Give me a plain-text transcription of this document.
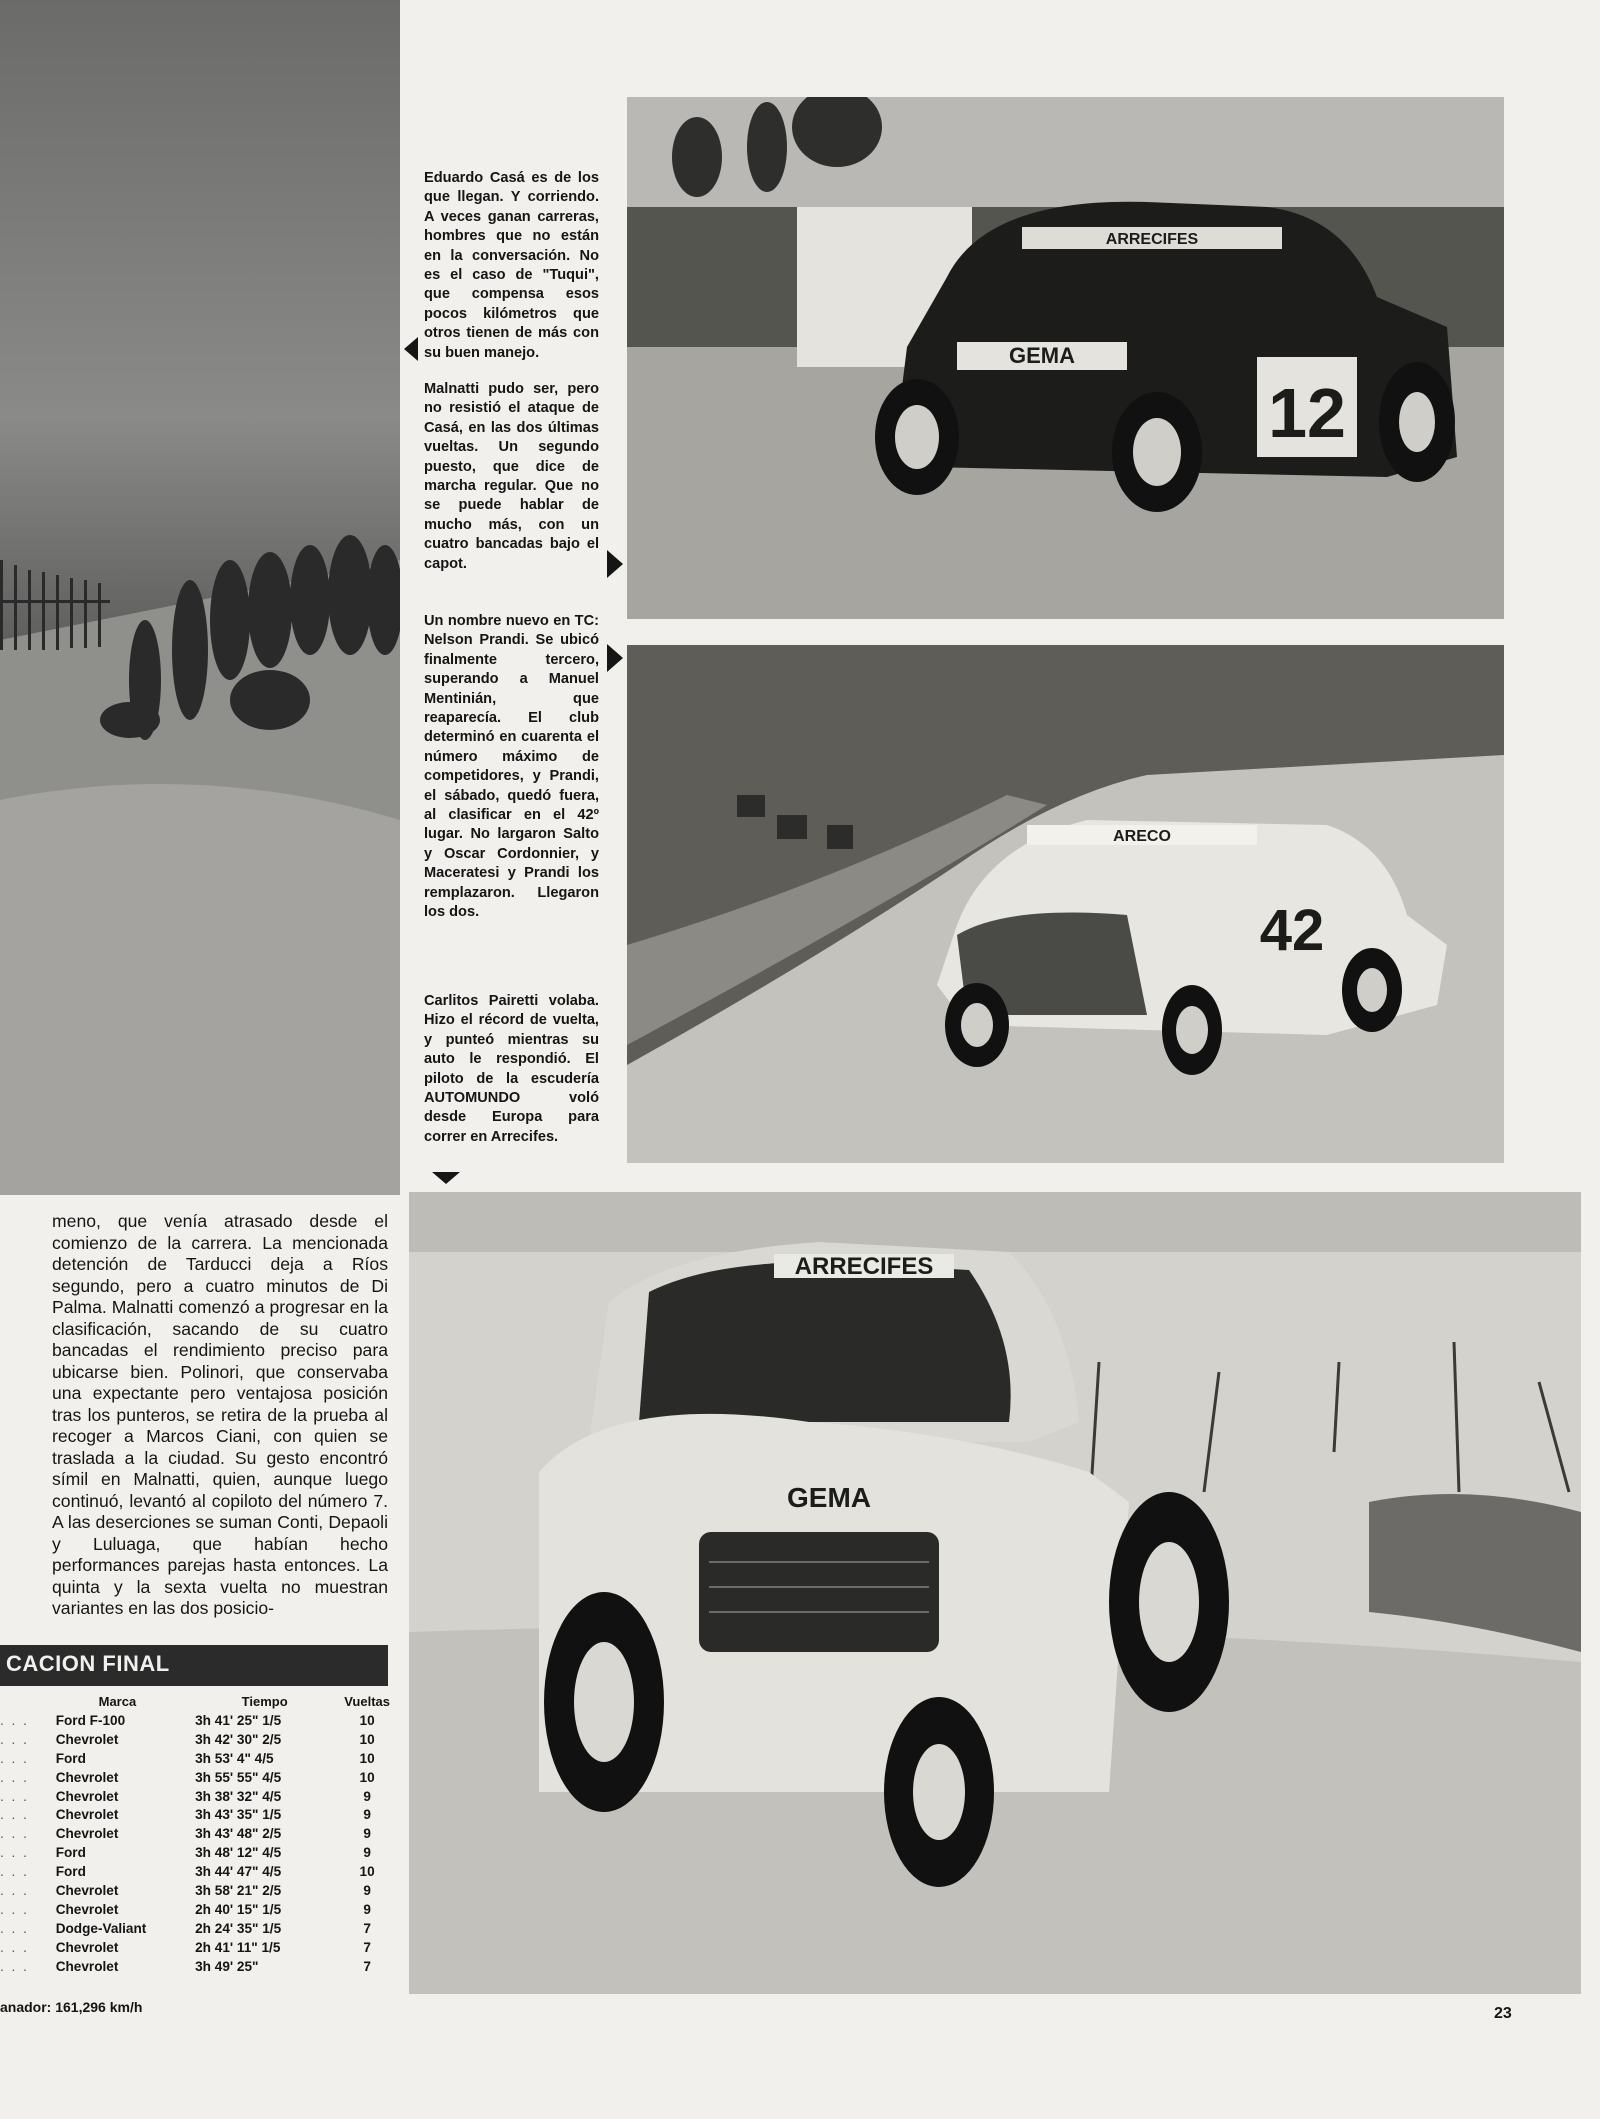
ARRECIFES
GEMA
12
ARECO
42
ARRECIFES
GEMA

Eduardo Casá es de los que llegan. Y corriendo. A veces ganan carreras, hombres que no están en la conversación. No es el caso de "Tuqui", que compensa esos pocos kilómetros que otros tienen de más con su buen manejo.

Malnatti pudo ser, pero no resistió el ataque de Casá, en las dos últimas vueltas. Un segundo puesto, que dice de marcha regular. Que no se puede hablar de mucho más, con un cuatro bancadas bajo el capot.

Un nombre nuevo en TC: Nelson Prandi. Se ubicó finalmente tercero, superando a Manuel Mentinián, que reaparecía. El club determinó en cuarenta el número máximo de competidores, y Prandi, el sábado, quedó fuera, al clasificar en el 42º lugar. No largaron Salto y Oscar Cordonnier, y Maceratesi y Prandi los remplazaron. Llegaron los dos.

Carlitos Pairetti volaba. Hizo el récord de vuelta, y punteó mientras su auto le respondió. El piloto de la escudería AUTOMUNDO voló desde Europa para correr en Arrecifes.

meno, que venía atrasado desde el comienzo de la carrera. La mencionada detención de Tarducci deja a Ríos segundo, pero a cuatro minutos de Di Palma. Malnatti comenzó a progresar en la clasificación, sacando de su cuatro bancadas el rendimiento preciso para ubicarse bien. Polinori, que conservaba una expectante pero ventajosa posición tras los punteros, se retira de la prueba al recoger a Marcos Ciani, con quien se traslada a la ciudad. Su gesto encontró símil en Malnatti, quien, aunque luego continuó, levantó al copiloto del número 7. A las deserciones se suman Conti, Depaoli y Luluaga, que habían hecho performances parejas hasta entonces. La quinta y la sexta vuelta no muestran variantes en las dos posicio-

CACION FINAL
	Marca	Tiempo	Vueltas
. . .	Ford F-100	3h 41' 25" 1/5	10
. . .	Chevrolet	3h 42' 30" 2/5	10
. . .	Ford	3h 53' 4" 4/5	10
. . .	Chevrolet	3h 55' 55" 4/5	10
. . .	Chevrolet	3h 38' 32" 4/5	9
. . .	Chevrolet	3h 43' 35" 1/5	9
. . .	Chevrolet	3h 43' 48" 2/5	9
. . .	Ford	3h 48' 12" 4/5	9
. . .	Ford	3h 44' 47" 4/5	10
. . .	Chevrolet	3h 58' 21" 2/5	9
. . .	Chevrolet	2h 40' 15" 1/5	9
. . .	Dodge-Valiant	2h 24' 35" 1/5	7
. . .	Chevrolet	2h 41' 11" 1/5	7
. . .	Chevrolet	3h 49' 25"	7
anador: 161,296 km/h	23
